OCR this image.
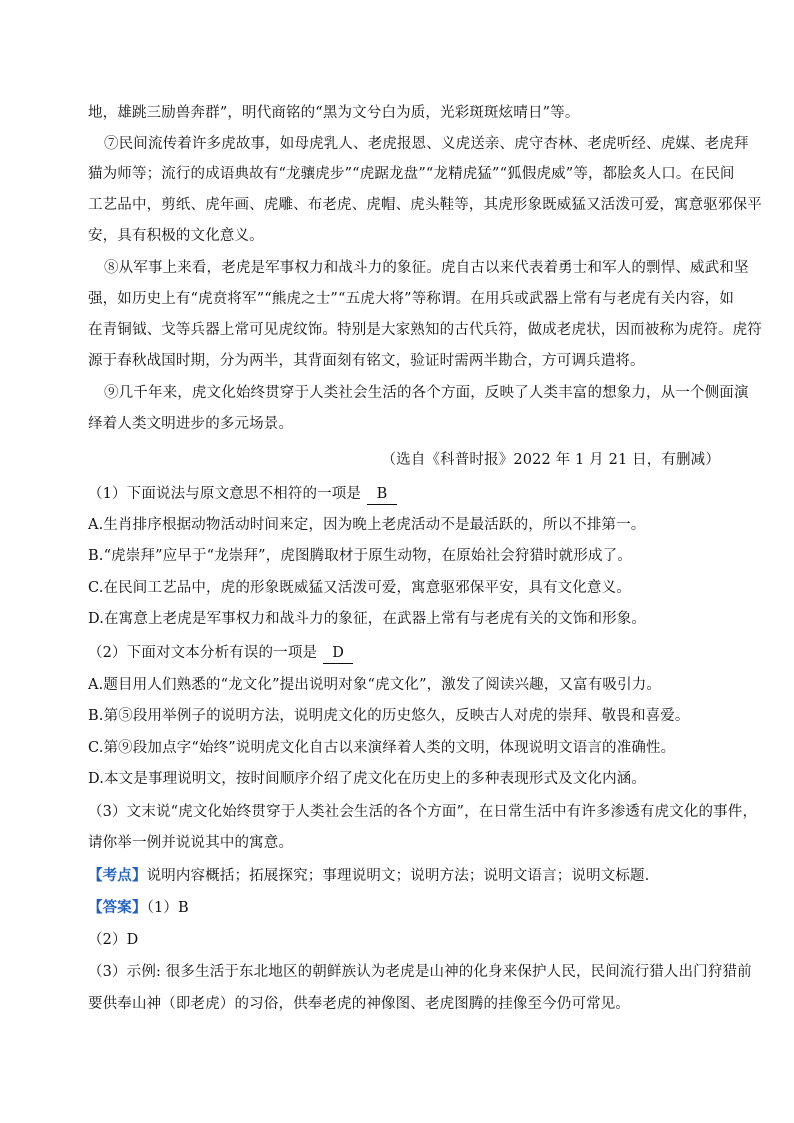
地，雄跳三励兽奔群”，明代商铭的“黑为文兮白为质，光彩斑斑炫晴日”等。
⑦民间流传着许多虎故事，如母虎乳人、老虎报恩、义虎送亲、虎守杏林、老虎听经、虎媒、老虎拜
猫为师等；流行的成语典故有“龙骧虎步”“虎踞龙盘”“龙精虎猛”“狐假虎威”等，都脍炙人口。在民间
工艺品中，剪纸、虎年画、虎雕、布老虎、虎帽、虎头鞋等，其虎形象既威猛又活泼可爱，寓意驱邪保平
安，具有积极的文化意义。
⑧从军事上来看，老虎是军事权力和战斗力的象征。虎自古以来代表着勇士和军人的剽悍、威武和坚
强，如历史上有“虎贲将军”“熊虎之士”“五虎大将”等称谓。在用兵或武器上常有与老虎有关内容，如
在青铜钺、戈等兵器上常可见虎纹饰。特别是大家熟知的古代兵符，做成老虎状，因而被称为虎符。虎符
源于春秋战国时期，分为两半，其背面刻有铭文，验证时需两半勘合，方可调兵遣将。
⑨几千年来，虎文化始终贯穿于人类社会生活的各个方面，反映了人类丰富的想象力，从一个侧面演
绎着人类文明进步的多元场景。
（选自《科普时报》2022 年 1 月 21 日，有删减）
（1）下面说法与原文意思不相符的一项是 B
A.生肖排序根据动物活动时间来定，因为晚上老虎活动不是最活跃的，所以不排第一。
B.“虎崇拜”应早于“龙崇拜”，虎图腾取材于原生动物，在原始社会狩猎时就形成了。
C.在民间工艺品中，虎的形象既威猛又活泼可爱，寓意驱邪保平安，具有文化意义。
D.在寓意上老虎是军事权力和战斗力的象征，在武器上常有与老虎有关的文饰和形象。
（2）下面对文本分析有误的一项是 D
A.题目用人们熟悉的“龙文化”提出说明对象“虎文化”，激发了阅读兴趣，又富有吸引力。
B.第⑤段用举例子的说明方法，说明虎文化的历史悠久，反映古人对虎的崇拜、敬畏和喜爱。
C.第⑨段加点字“始终”说明虎文化自古以来演绎着人类的文明，体现说明文语言的准确性。
D.本文是事理说明文，按时间顺序介绍了虎文化在历史上的多种表现形式及文化内涵。
（3）文末说“虎文化始终贯穿于人类社会生活的各个方面”，在日常生活中有许多渗透有虎文化的事件，
请你举一例并说说其中的寓意。
【考点】说明内容概括；拓展探究；事理说明文；说明方法；说明文语言；说明文标题．
【答案】（1）B
（2）D
（3）示例: 很多生活于东北地区的朝鲜族认为老虎是山神的化身来保护人民，民间流行猎人出门狩猎前
要供奉山神（即老虎）的习俗，供奉老虎的神像图、老虎图腾的挂像至今仍可常见。
